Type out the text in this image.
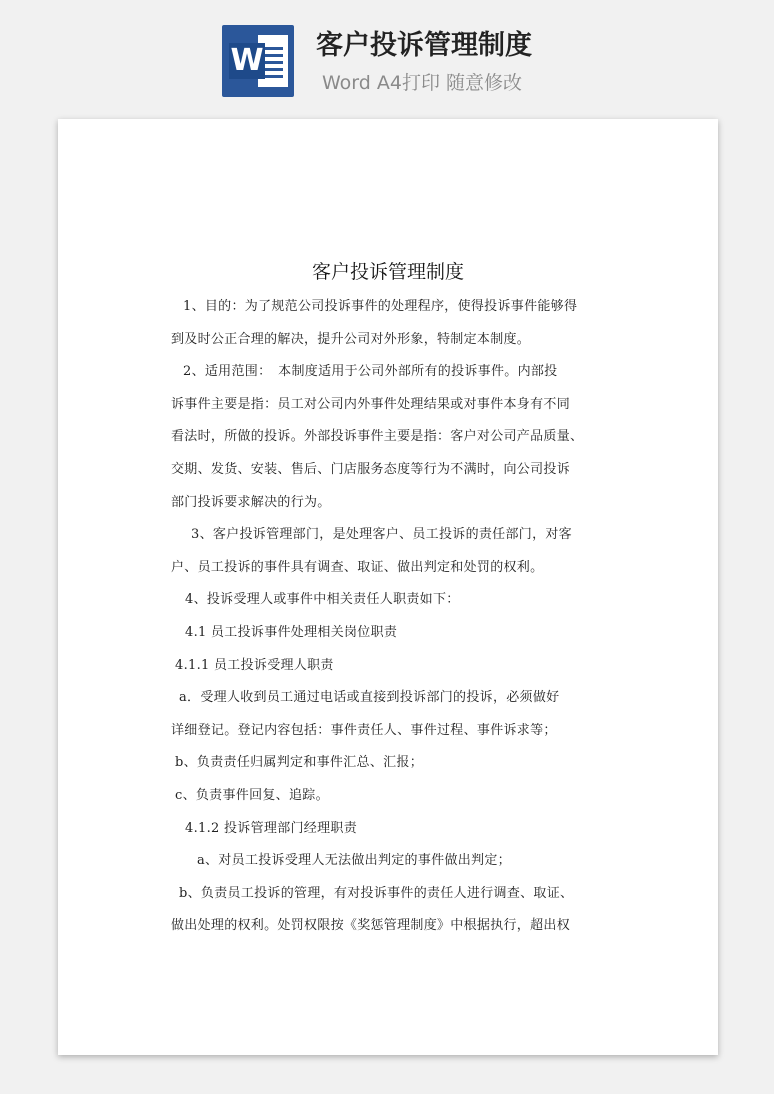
W 客户投诉管理制度

Word A4打印 随意修改

客户投诉管理制度

1、目的：为了规范公司投诉事件的处理程序，使得投诉事件能够得

到及时公正合理的解决，提升公司对外形象，特制定本制度。

2、适用范围：　本制度适用于公司外部所有的投诉事件。内部投

诉事件主要是指：员工对公司内外事件处理结果或对事件本身有不同

看法时，所做的投诉。外部投诉事件主要是指：客户对公司产品质量、

交期、发货、安装、售后、门店服务态度等行为不满时，向公司投诉

部门投诉要求解决的行为。

3、客户投诉管理部门，是处理客户、员工投诉的责任部门，对客

户、员工投诉的事件具有调查、取证、做出判定和处罚的权利。

4、投诉受理人或事件中相关责任人职责如下：

4.1 员工投诉事件处理相关岗位职责

4.1.1 员工投诉受理人职责

a．受理人收到员工通过电话或直接到投诉部门的投诉，必须做好

详细登记。登记内容包括：事件责任人、事件过程、事件诉求等；

b、负责责任归属判定和事件汇总、汇报；

c、负责事件回复、追踪。

4.1.2 投诉管理部门经理职责

a、对员工投诉受理人无法做出判定的事件做出判定；

b、负责员工投诉的管理，有对投诉事件的责任人进行调查、取证、

做出处理的权利。处罚权限按《奖惩管理制度》中根据执行，超出权
